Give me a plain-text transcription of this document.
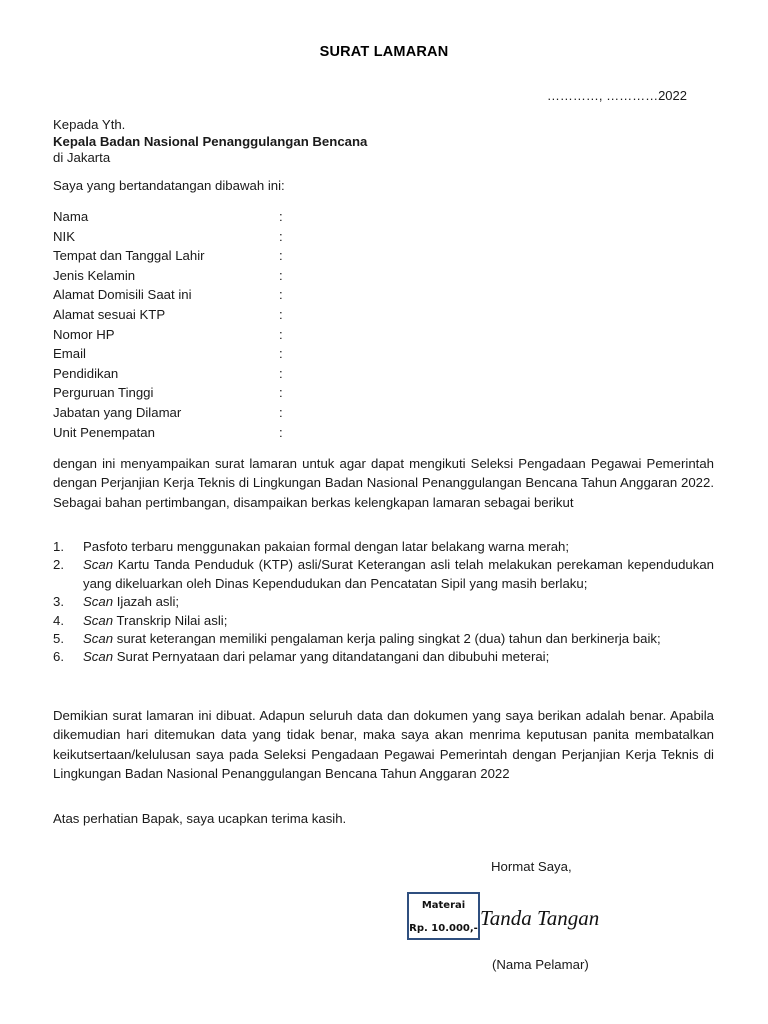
SURAT LAMARAN
…………, …………2022
Kepada Yth.
Kepala Badan Nasional Penanggulangan Bencana
di Jakarta
Saya yang bertandatangan dibawah ini:
Nama	:
NIK	:
Tempat dan Tanggal Lahir	:
Jenis Kelamin	:
Alamat Domisili Saat ini	:
Alamat sesuai KTP	:
Nomor HP	:
Email	:
Pendidikan	:
Perguruan Tinggi	:
Jabatan yang Dilamar	:
Unit Penempatan	:
dengan ini menyampaikan surat lamaran untuk agar dapat mengikuti Seleksi Pengadaan Pegawai Pemerintah dengan Perjanjian Kerja Teknis di Lingkungan Badan Nasional Penanggulangan Bencana Tahun Anggaran 2022. Sebagai bahan pertimbangan, disampaikan berkas kelengkapan lamaran sebagai berikut
1.	Pasfoto terbaru menggunakan pakaian formal dengan latar belakang warna merah;
2.	Scan Kartu Tanda Penduduk (KTP) asli/Surat Keterangan asli telah melakukan perekaman kependudukan yang dikeluarkan oleh Dinas Kependudukan dan Pencatatan Sipil yang masih berlaku;
3.	Scan Ijazah asli;
4.	Scan Transkrip Nilai asli;
5.	Scan surat keterangan memiliki pengalaman kerja paling singkat 2 (dua) tahun dan berkinerja baik;
6.	Scan Surat Pernyataan dari pelamar yang ditandatangani dan dibubuhi meterai;
Demikian surat lamaran ini dibuat. Adapun seluruh data dan dokumen yang saya berikan adalah benar. Apabila dikemudian hari ditemukan data yang tidak benar, maka saya akan menrima keputusan panita membatalkan keikutsertaan/kelulusan saya pada Seleksi Pengadaan Pegawai Pemerintah dengan Perjanjian Kerja Teknis di Lingkungan Badan Nasional Penanggulangan Bencana Tahun Anggaran 2022
Atas perhatian Bapak, saya ucapkan terima kasih.
Hormat Saya,
Materai
Rp. 10.000,- Tanda Tangan
(Nama Pelamar)
